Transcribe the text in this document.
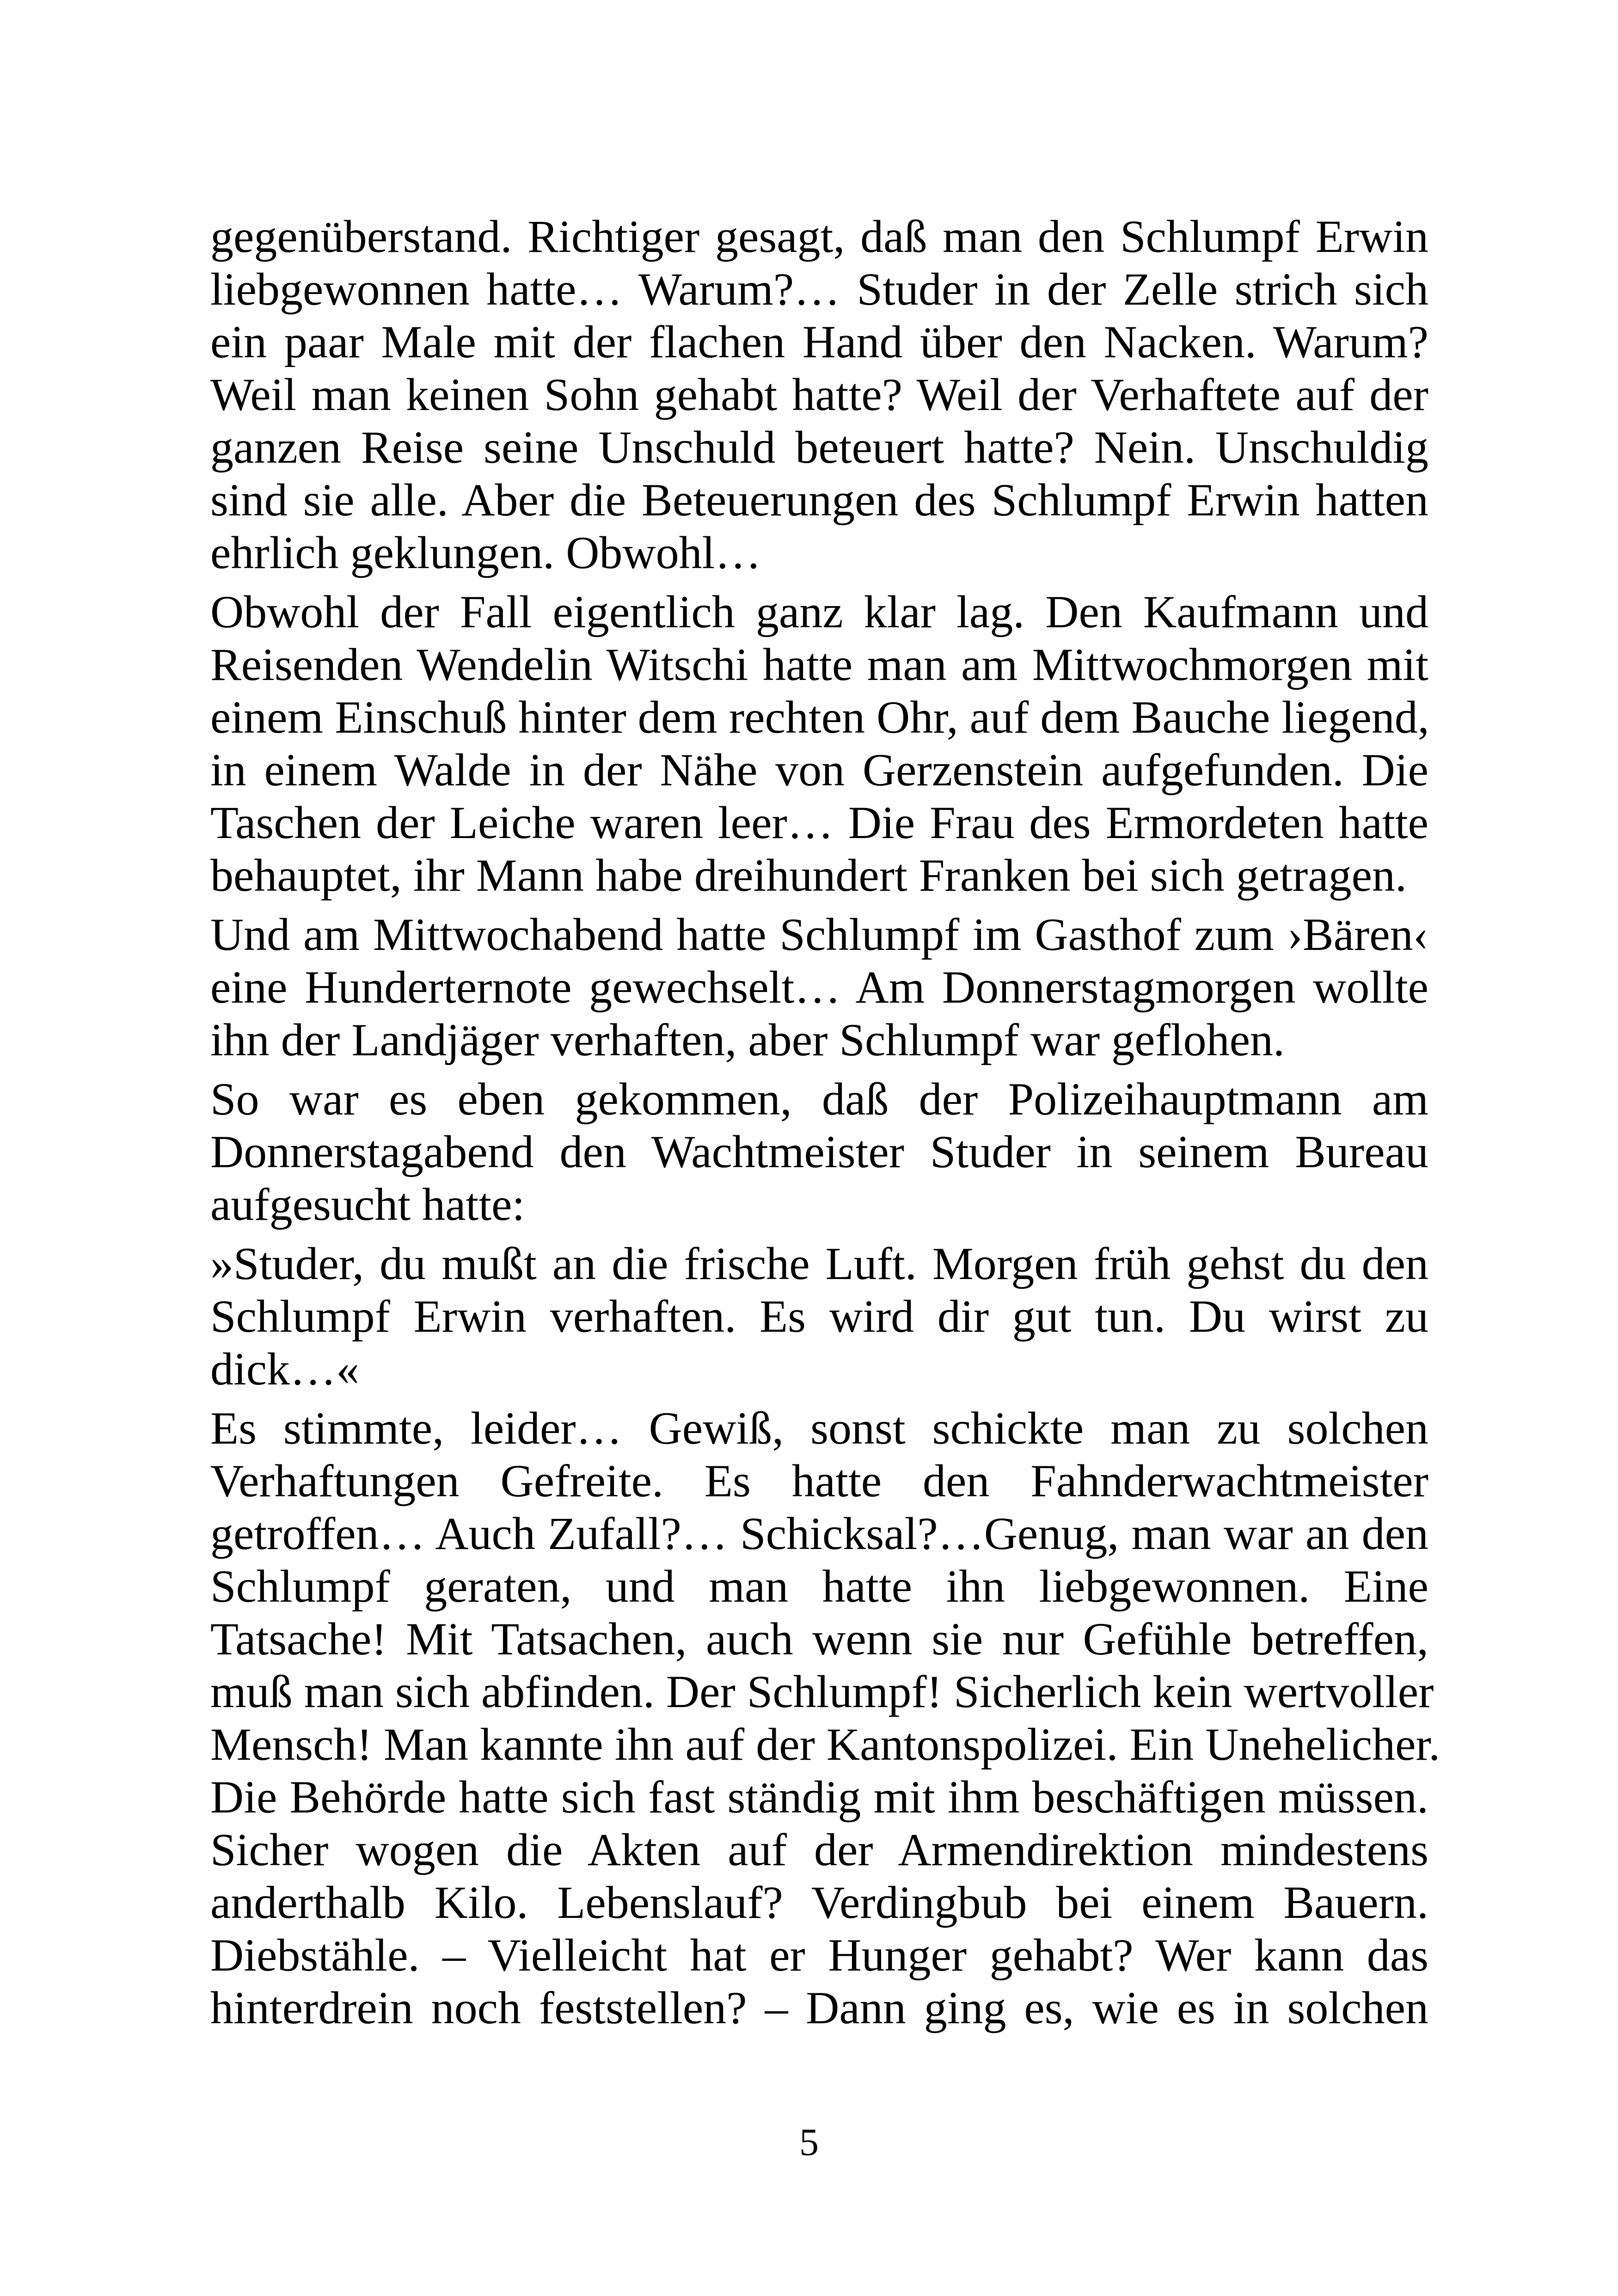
gegenüberstand. Richtiger gesagt, daß man den Schlumpf Erwin
liebgewonnen hatte… Warum?… Studer in der Zelle strich sich
ein paar Male mit der flachen Hand über den Nacken. Warum?
Weil man keinen Sohn gehabt hatte? Weil der Verhaftete auf der
ganzen Reise seine Unschuld beteuert hatte? Nein. Unschuldig
sind sie alle. Aber die Beteuerungen des Schlumpf Erwin hatten
ehrlich geklungen. Obwohl…
Obwohl der Fall eigentlich ganz klar lag. Den Kaufmann und
Reisenden Wendelin Witschi hatte man am Mittwochmorgen mit
einem Einschuß hinter dem rechten Ohr, auf dem Bauche liegend,
in einem Walde in der Nähe von Gerzenstein aufgefunden. Die
Taschen der Leiche waren leer… Die Frau des Ermordeten hatte
behauptet, ihr Mann habe dreihundert Franken bei sich getragen.
Und am Mittwochabend hatte Schlumpf im Gasthof zum ›Bären‹
eine Hunderternote gewechselt… Am Donnerstagmorgen wollte
ihn der Landjäger verhaften, aber Schlumpf war geflohen.
So war es eben gekommen, daß der Polizeihauptmann am
Donnerstagabend den Wachtmeister Studer in seinem Bureau
aufgesucht hatte:
»Studer, du mußt an die frische Luft. Morgen früh gehst du den
Schlumpf Erwin verhaften. Es wird dir gut tun. Du wirst zu
dick…«
Es stimmte, leider… Gewiß, sonst schickte man zu solchen
Verhaftungen Gefreite. Es hatte den Fahnderwachtmeister
getroffen… Auch Zufall?… Schicksal?…Genug, man war an den
Schlumpf geraten, und man hatte ihn liebgewonnen. Eine
Tatsache! Mit Tatsachen, auch wenn sie nur Gefühle betreffen,
muß man sich abfinden. Der Schlumpf! Sicherlich kein wertvoller
Mensch! Man kannte ihn auf der Kantonspolizei. Ein Unehelicher.
Die Behörde hatte sich fast ständig mit ihm beschäftigen müssen.
Sicher wogen die Akten auf der Armendirektion mindestens
anderthalb Kilo. Lebenslauf? Verdingbub bei einem Bauern.
Diebstähle. – Vielleicht hat er Hunger gehabt? Wer kann das
hinterdrein noch feststellen? – Dann ging es, wie es in solchen
5
